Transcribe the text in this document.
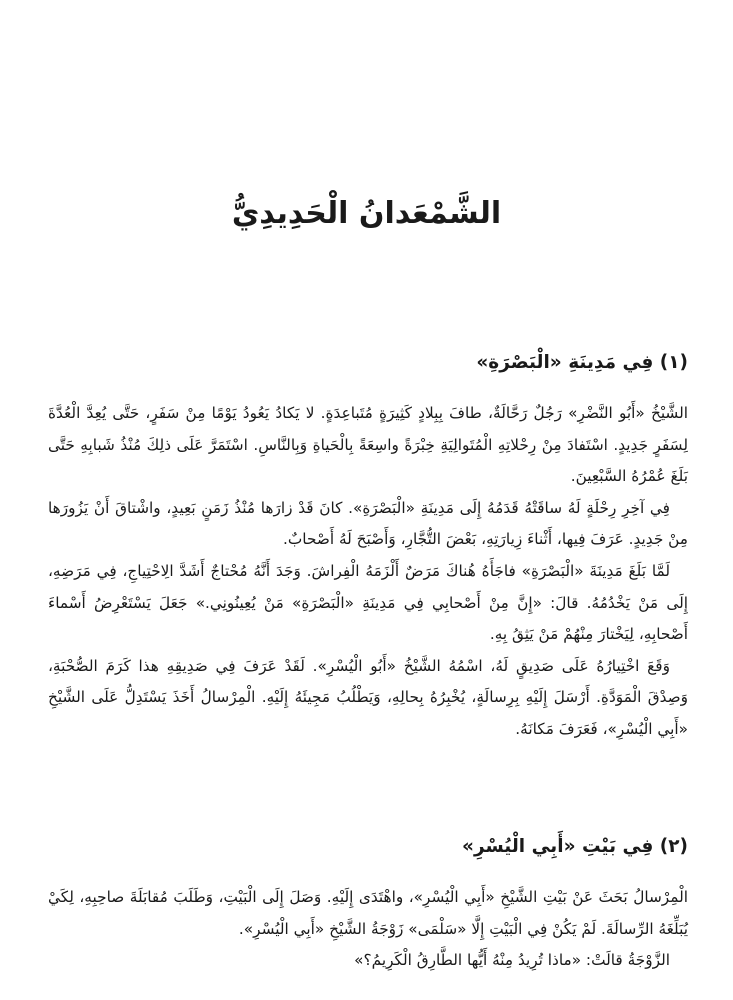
الشَّمْعَدانُ الْحَدِيدِيُّ
(١) فِي مَدِينَةِ «الْبَصْرَةِ»

الشَّيْخُ «أَبُو النَّضْرِ» رَجُلٌ رَحَّالَةٌ، طافَ بِبِلادٍ كَثِيرَةٍ مُتَباعِدَةٍ. لا يَكادُ يَعُودُ يَوْمًا مِنْ سَفَرٍ، حَتَّى يُعِدَّ الْعُدَّةَ لِسَفَرٍ جَدِيدٍ. اسْتَفادَ مِنْ رِحْلاتِهِ الْمُتَوالِيَةِ خِبْرَةً واسِعَةً بِالْحَياةِ وَبِالنَّاسِ. اسْتَمَرَّ عَلَى ذلِكَ مُنْذُ شَبابِهِ حَتَّى بَلَغَ عُمْرُهُ السَّبْعِينَ.

فِي آخِرِ رِحْلَةٍ لَهُ ساقَتْهُ قَدَمُهُ إِلَى مَدِينَةِ «الْبَصْرَةِ». كانَ قَدْ زارَها مُنْذُ زَمَنٍ بَعِيدٍ، واشْتاقَ أَنْ يَزُورَها مِنْ جَدِيدٍ. عَرَفَ فِيها، أَثْناءَ زِيارَتِهِ، بَعْضَ التُّجَّارِ، وَأَصْبَحَ لَهُ أَصْحابٌ.

لَمَّا بَلَغَ مَدِينَةَ «الْبَصْرَةِ» فاجَأَهُ هُناكَ مَرَضٌ أَلْزَمَهُ الْفِراشَ. وَجَدَ أَنَّهُ مُحْتاجٌ أَشَدَّ الِاحْتِياجِ، فِي مَرَضِهِ، إِلَى مَنْ يَخْدُمُهُ. قالَ: «إِنَّ مِنْ أَصْحابِي فِي مَدِينَةِ «الْبَصْرَةِ» مَنْ يُعِينُونِي.» جَعَلَ يَسْتَعْرِضُ أَسْماءَ أَصْحابِهِ، لِيَخْتارَ مِنْهُمْ مَنْ يَثِقُ بِهِ.

وَقَعَ اخْتِيارُهُ عَلَى صَدِيقٍ لَهُ، اسْمُهُ الشَّيْخُ «أَبُو الْيُسْرِ». لَقَدْ عَرَفَ فِي صَدِيقِهِ هذا كَرَمَ الصُّحْبَةِ، وَصِدْقَ الْمَوَدَّةِ. أَرْسَلَ إِلَيْهِ بِرِسالَةٍ، يُخْبِرُهُ بِحالِهِ، وَيَطْلُبُ مَجِيئَهُ إِلَيْهِ. الْمِرْسالُ أَخَذَ يَسْتَدِلُّ عَلَى الشَّيْخِ «أَبِي الْيُسْرِ»، فَعَرَفَ مَكانَهُ.

(٢) فِي بَيْتِ «أَبِي الْيُسْرِ»

الْمِرْسالُ بَحَثَ عَنْ بَيْتِ الشَّيْخِ «أَبِي الْيُسْرِ»، واهْتَدَى إِلَيْهِ. وَصَلَ إِلَى الْبَيْتِ، وَطَلَبَ مُقابَلَةَ صاحِبِهِ، لِكَيْ يُبَلِّغَهُ الرِّسالَةَ. لَمْ يَكُنْ فِي الْبَيْتِ إِلَّا «سَلْمَى» زَوْجَةُ الشَّيْخِ «أَبِي الْيُسْرِ».

الزَّوْجَةُ قالَتْ: «ماذا تُرِيدُ مِنْهُ أَيُّها الطَّارِقُ الْكَرِيمُ؟»
